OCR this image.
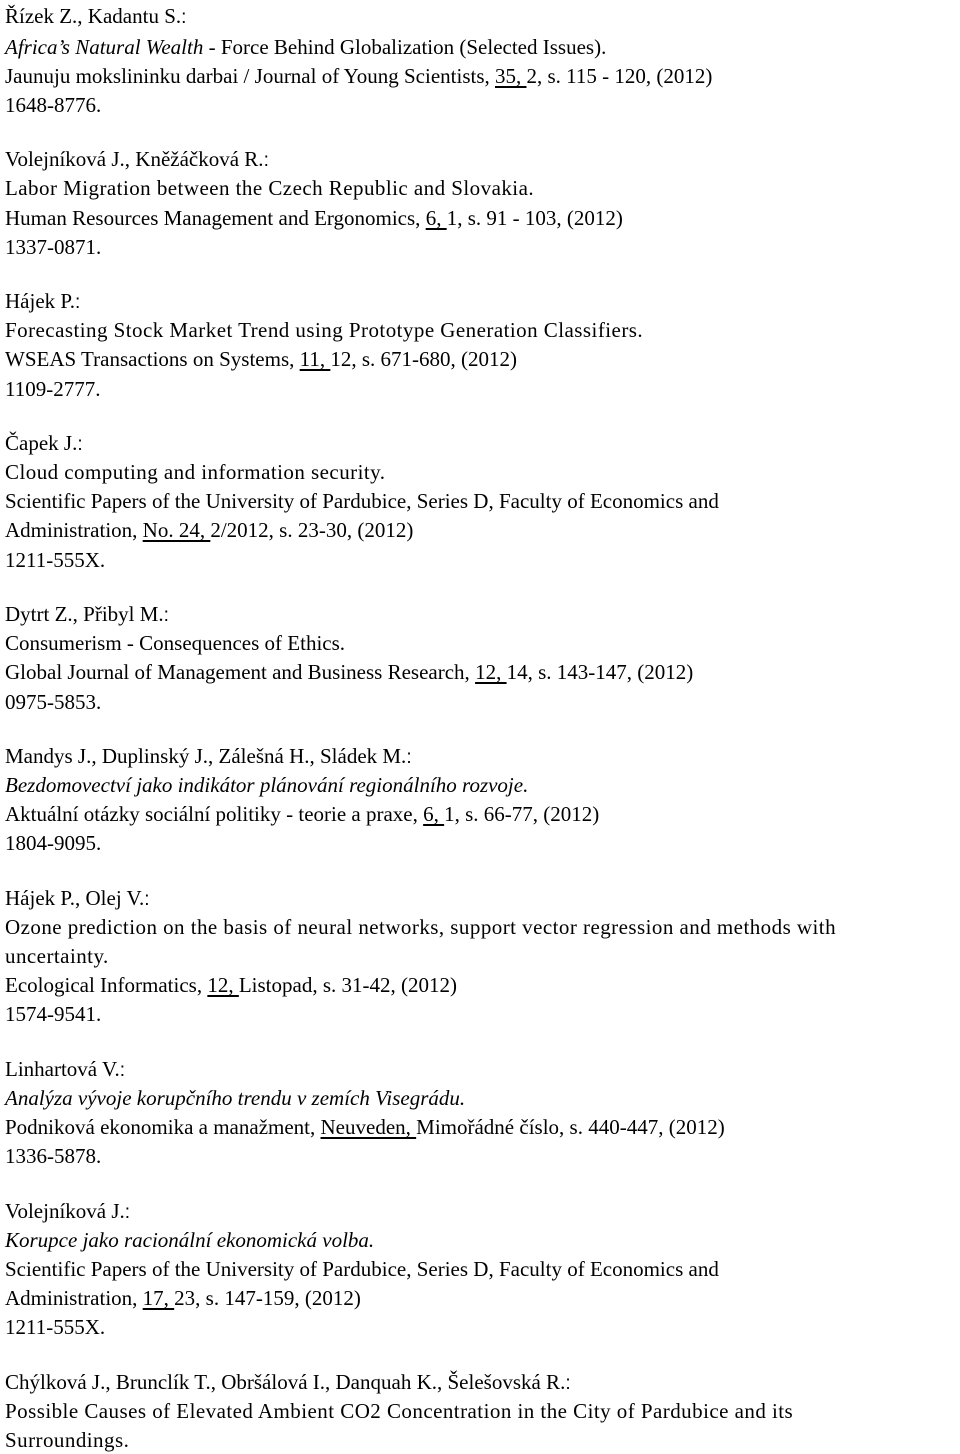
Řízek Z., Kadantu S.:
Africa’s Natural Wealth - Force Behind Globalization (Selected Issues).
Jaunuju mokslininku darbai / Journal of Young Scientists, 35, 2, s. 115 - 120, (2012)
1648-8776.
Volejníková J., Kněžáčková R.:
Labor Migration between the Czech Republic and Slovakia.
Human Resources Management and Ergonomics, 6, 1, s. 91 - 103, (2012)
1337-0871.
Hájek P.:
Forecasting Stock Market Trend using Prototype Generation Classifiers.
WSEAS Transactions on Systems, 11, 12, s. 671-680, (2012)
1109-2777.
Čapek J.:
Cloud computing and information security.
Scientific Papers of the University of Pardubice, Series D, Faculty of Economics and
Administration, No. 24, 2/2012, s. 23-30, (2012)
1211-555X.
Dytrt Z., Přibyl M.:
Consumerism - Consequences of Ethics.
Global Journal of Management and Business Research, 12, 14, s. 143-147, (2012)
0975-5853.
Mandys J., Duplinský J., Zálešná H., Sládek M.:
Bezdomovectví jako indikátor plánování regionálního rozvoje.
Aktuální otázky sociální politiky - teorie a praxe, 6, 1, s. 66-77, (2012)
1804-9095.
Hájek P., Olej V.:
Ozone prediction on the basis of neural networks, support vector regression and methods with
uncertainty.
Ecological Informatics, 12, Listopad, s. 31-42, (2012)
1574-9541.
Linhartová V.:
Analýza vývoje korupčního trendu v zemích Visegrádu.
Podniková ekonomika a manažment, Neuveden, Mimořádné číslo, s. 440-447, (2012)
1336-5878.
Volejníková J.:
Korupce jako racionální ekonomická volba.
Scientific Papers of the University of Pardubice, Series D, Faculty of Economics and
Administration, 17, 23, s. 147-159, (2012)
1211-555X.
Chýlková J., Brunclík T., Obršálová I., Danquah K., Šelešovská R.:
Possible Causes of Elevated Ambient CO2 Concentration in the City of Pardubice and its
Surroundings.
